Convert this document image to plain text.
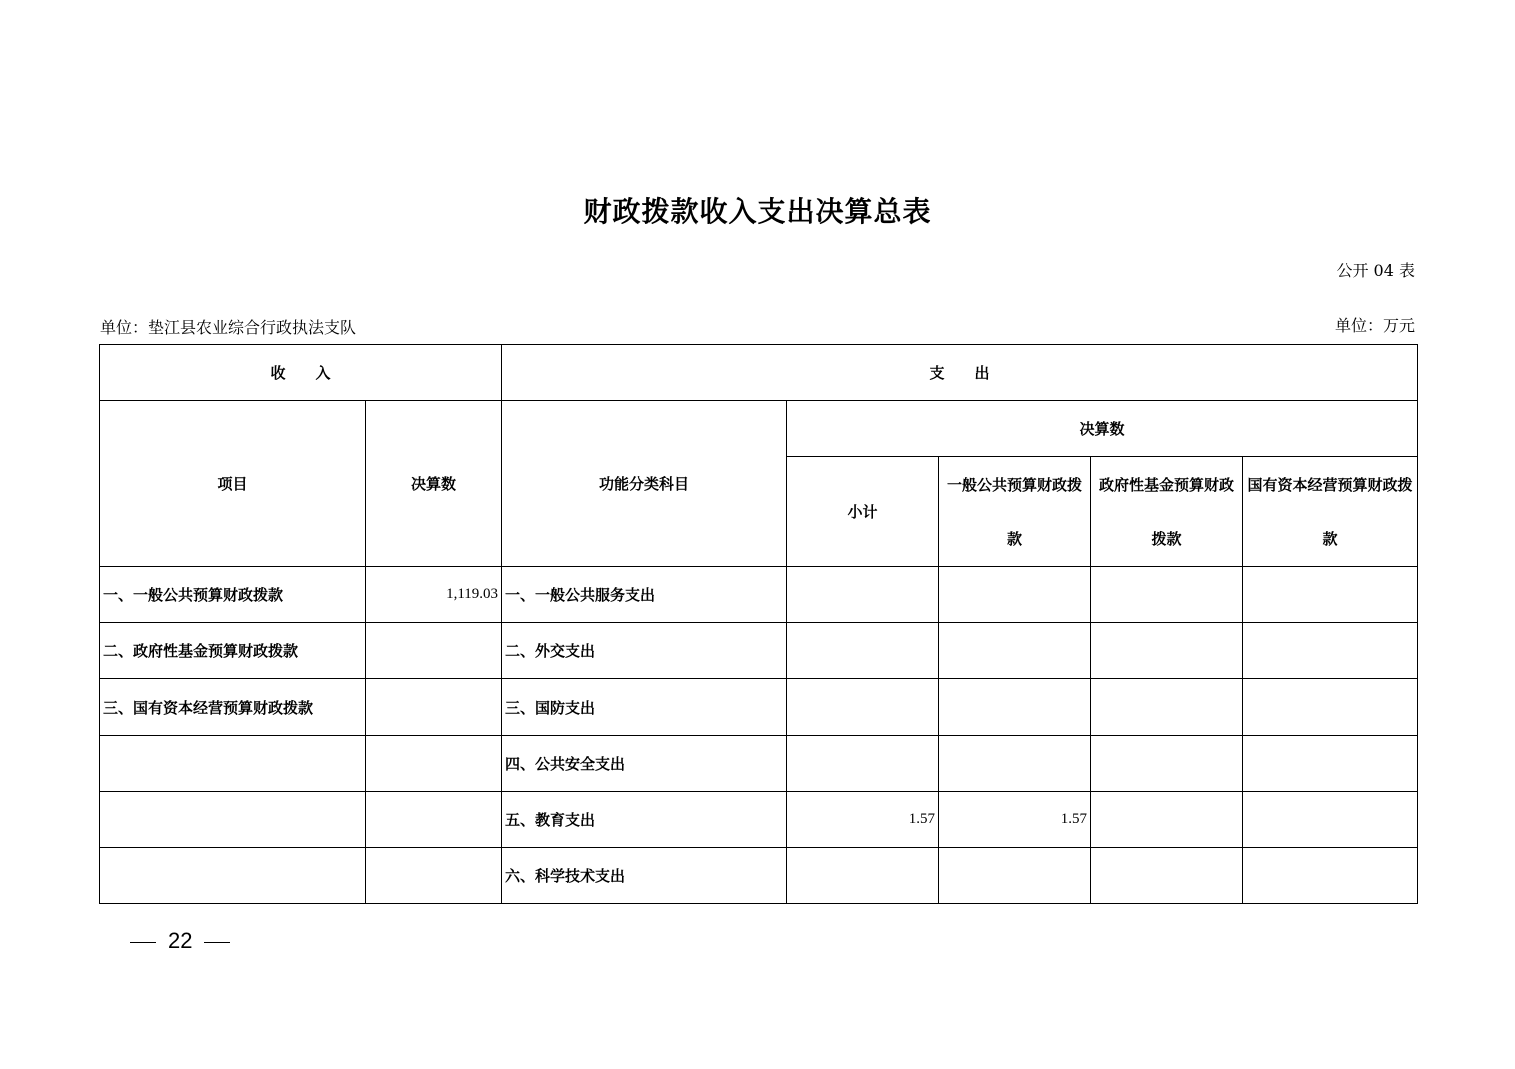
财政拨款收入支出决算总表
公开 04 表
单位：垫江县农业综合行政执法支队	单位：万元
收　　入		支　　出				
项目	决算数	功能分类科目	决算数			
			小计	一般公共预算财政拨款	政府性基金预算财政拨款	国有资本经营预算财政拨款
一、一般公共预算财政拨款	1,119.03	一、一般公共服务支出				
二、政府性基金预算财政拨款		二、外交支出				
三、国有资本经营预算财政拨款		三、国防支出				
		四、公共安全支出				
		五、教育支出	1.57	1.57		
		六、科学技术支出				
22
